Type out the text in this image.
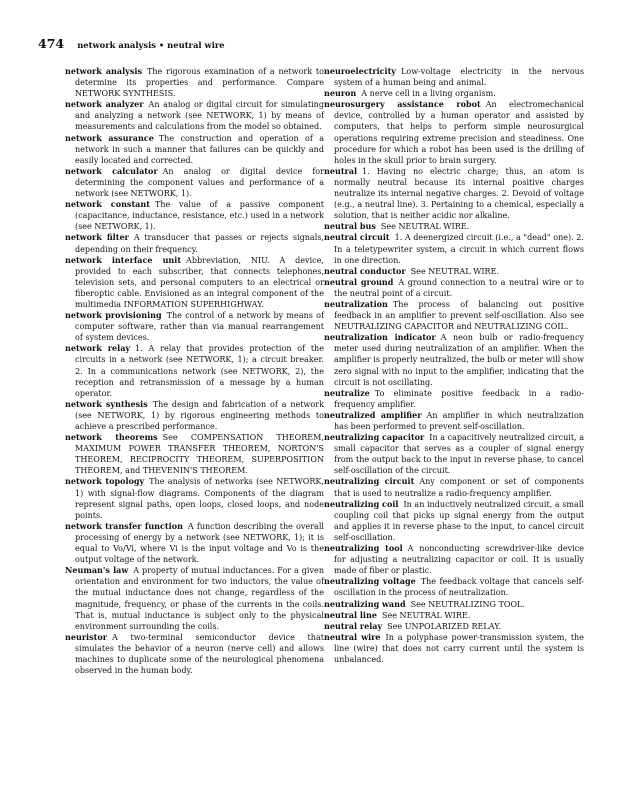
474 network analysis • neutral wire

network analysis The rigorous examination of a network to determine its properties and performance. Compare NETWORK SYNTHESIS.

network analyzer An analog or digital circuit for simulating and analyzing a network (see NETWORK, 1) by means of measurements and calculations from the model so obtained.

network assurance The construction and operation of a network in such a manner that failures can be quickly and easily located and corrected.

network calculator An analog or digital device for determining the component values and performance of a network (see NETWORK, 1).

network constant The value of a passive component (capacitance, inductance, resistance, etc.) used in a network (see NETWORK, 1).

network filter A transducer that passes or rejects signals, depending on their frequency.

network interface unit Abbreviation, NIU. A device, provided to each subscriber, that connects telephones, television sets, and personal computers to an electrical or fiberoptic cable. Envisioned as an integral component of the multimedia INFORMATION SUPERHIGHWAY.

network provisioning The control of a network by means of computer software, rather than via manual rearrangement of system devices.

network relay 1. A relay that provides protection of the circuits in a network (see NETWORK, 1); a circuit breaker. 2. In a communications network (see NETWORK, 2), the reception and retransmission of a message by a human operator.

network synthesis The design and fabrication of a network (see NETWORK, 1) by rigorous engineering methods to achieve a prescribed performance.

network theorems See COMPENSATION THEOREM, MAXIMUM POWER TRANSFER THEOREM, NORTON'S THEOREM, RECIPROCITY THEOREM, SUPERPOSITION THEOREM, and THEVENIN'S THEOREM.

network topology The analysis of networks (see NETWORK, 1) with signal-flow diagrams. Components of the diagram represent signal paths, open loops, closed loops, and node points.

network transfer function A function describing the overall processing of energy by a network (see NETWORK, 1); it is equal to Vo/Vi, where Vi is the input voltage and Vo is the output voltage of the network.

Neuman's law A property of mutual inductances. For a given orientation and environment for two inductors, the value of the mutual inductance does not change, regardless of the magnitude, frequency, or phase of the currents in the coils. That is, mutual inductance is subject only to the physical environment surrounding the coils.

neuristor A two-terminal semiconductor device that simulates the behavior of a neuron (nerve cell) and allows machines to duplicate some of the neurological phenomena observed in the human body.

neuroelectricity Low-voltage electricity in the nervous system of a human being and animal.

neuron A nerve cell in a living organism.

neurosurgery assistance robot An electromechanical device, controlled by a human operator and assisted by computers, that helps to perform simple neurosurgical operations requiring extreme precision and steadiness. One procedure for which a robot has been used is the drilling of holes in the skull prior to brain surgery.

neutral 1. Having no electric charge; thus, an atom is normally neutral because its internal positive charges neutralize its internal negative charges. 2. Devoid of voltage (e.g., a neutral line). 3. Pertaining to a chemical, especially a solution, that is neither acidic nor alkaline.

neutral bus See NEUTRAL WIRE.

neutral circuit 1. A deenergized circuit (i.e., a "dead" one). 2. In a teletypewriter system, a circuit in which current flows in one direction.

neutral conductor See NEUTRAL WIRE.

neutral ground A ground connection to a neutral wire or to the neutral point of a circuit.

neutralization The process of balancing out positive feedback in an amplifier to prevent self-oscillation. Also see NEUTRALIZING CAPACITOR and NEUTRALIZING COIL.

neutralization indicator A neon bulb or radio-frequency meter used during neutralization of an amplifier. When the amplifier is properly neutralized, the bulb or meter will show zero signal with no input to the amplifier, indicating that the circuit is not oscillating.

neutralize To eliminate positive feedback in a radio-frequency amplifier.

neutralized amplifier An amplifier in which neutralization has been performed to prevent self-oscillation.

neutralizing capacitor In a capacitively neutralized circuit, a small capacitor that serves as a coupler of signal energy from the output back to the input in reverse phase, to cancel self-oscillation of the circuit.

neutralizing circuit Any component or set of components that is used to neutralize a radio-frequency amplifier.

neutralizing coil In an inductively neutralized circuit, a small coupling coil that picks up signal energy from the output and applies it in reverse phase to the input, to cancel circuit self-oscillation.

neutralizing tool A nonconducting screwdriver-like device for adjusting a neutralizing capacitor or coil. It is usually made of fiber or plastic.

neutralizing voltage The feedback voltage that cancels self-oscillation in the process of neutralization.

neutralizing wand See NEUTRALIZING TOOL.

neutral line See NEUTRAL WIRE.

neutral relay See UNPOLARIZED RELAY.

neutral wire In a polyphase power-transmission system, the line (wire) that does not carry current until the system is unbalanced.
